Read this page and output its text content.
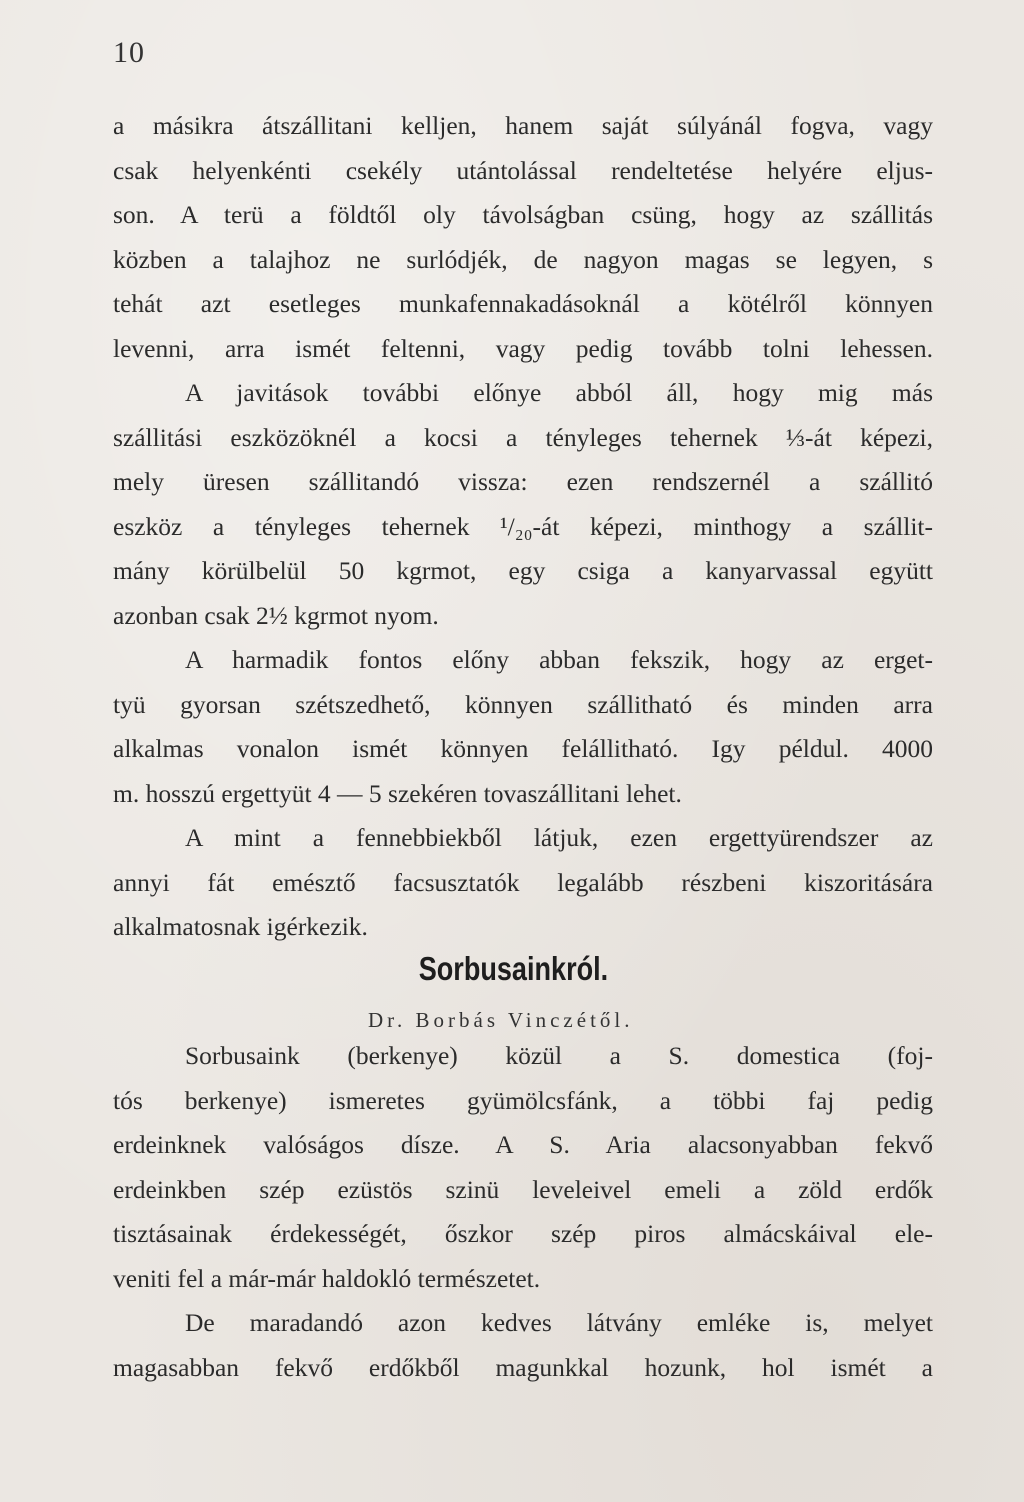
10
a másikra átszállitani kelljen, hanem saját súlyánál fogva, vagy
csak helyenkénti csekély utántolással rendeltetése helyére eljus-
son. A terü a földtől oly távolságban csüng, hogy az szállitás
közben a talajhoz ne surlódjék, de nagyon magas se legyen, s
tehát azt esetleges munkafennakadásoknál a kötélről könnyen
levenni, arra ismét feltenni, vagy pedig tovább tolni lehessen.
A javitások további előnye abból áll, hogy mig más
szállitási eszközöknél a kocsi a tényleges tehernek ⅓-át képezi,
mely üresen szállitandó vissza: ezen rendszernél a szállitó
eszköz a tényleges tehernek ¹/₂₀-át képezi, minthogy a szállit-
mány körülbelül 50 kgrmot, egy csiga a kanyarvassal együtt
azonban csak 2½ kgrmot nyom.
A harmadik fontos előny abban fekszik, hogy az erget-
tyü gyorsan szétszedhető, könnyen szállitható és minden arra
alkalmas vonalon ismét könnyen felállitható. Igy példul. 4000
m. hosszú ergettyüt 4 — 5 szekéren tovaszállitani lehet.
A mint a fennebbiekből látjuk, ezen ergettyürendszer az
annyi fát emésztő facsusztatók legalább részbeni kiszoritására
alkalmatosnak igérkezik.
Sorbusainkról.
Dr. Borbás Vinczétől.
Sorbusaink (berkenye) közül a S. domestica (foj-
tós berkenye) ismeretes gyümölcsfánk, a többi faj pedig
erdeinknek valóságos dísze. A S. Aria alacsonyabban fekvő
erdeinkben szép ezüstös szinü leveleivel emeli a zöld erdők
tisztásainak érdekességét, őszkor szép piros almácskáival ele-
veniti fel a már-már haldokló természetet.
De maradandó azon kedves látvány emléke is, melyet
magasabban fekvő erdőkből magunkkal hozunk, hol ismét a
